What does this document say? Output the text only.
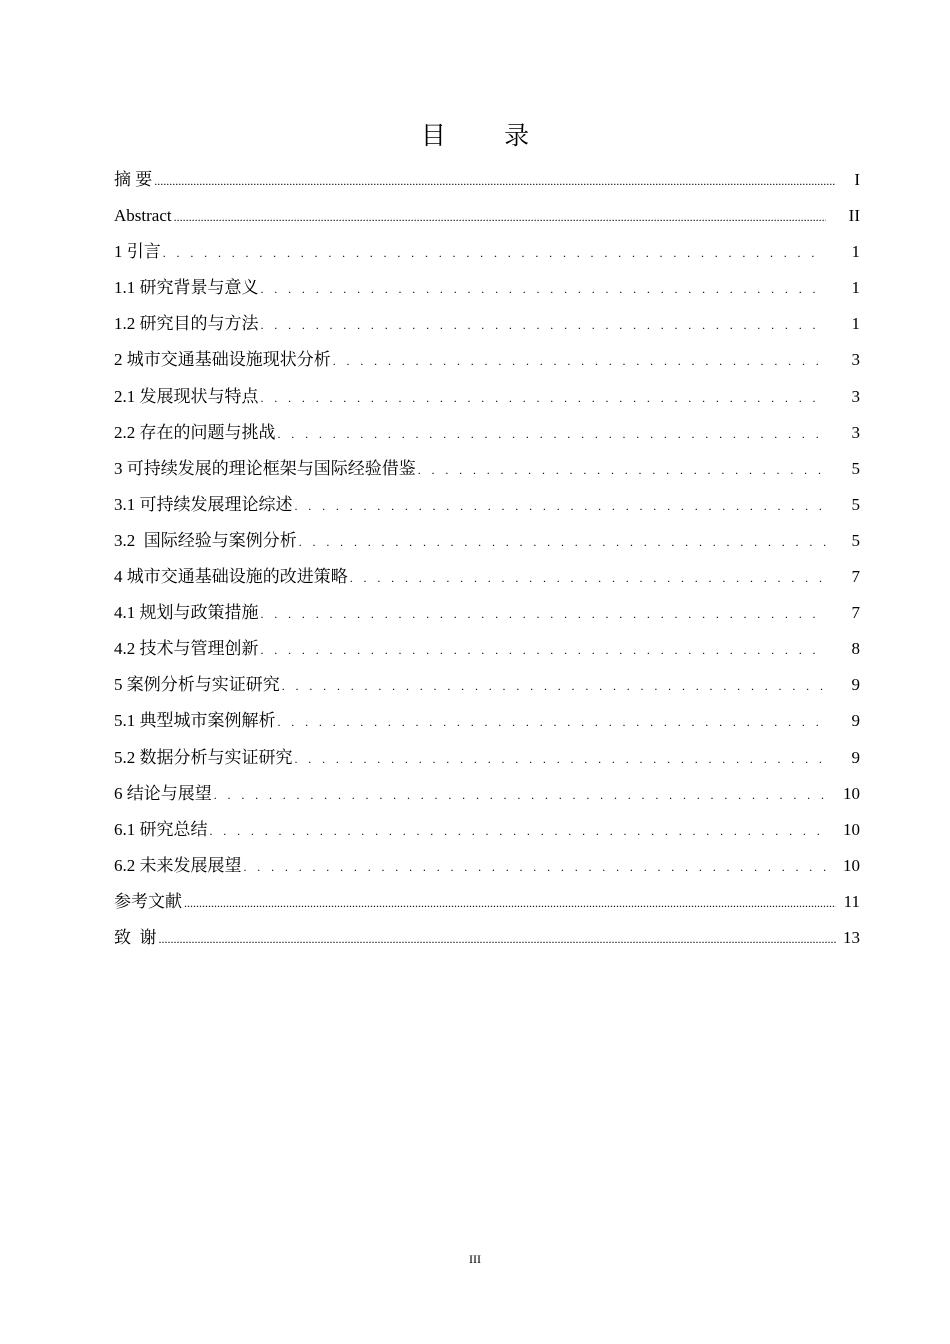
目 录
摘 要 .....	I
Abstract .....	II
1 引言 . .	1
1.1 研究背景与意义 . .	1
1.2 研究目的与方法 . .	1
2 城市交通基础设施现状分析 . .	3
2.1 发展现状与特点 . .	3
2.2 存在的问题与挑战 . .	3
3 可持续发展的理论框架与国际经验借鉴 . .	5
3.1 可持续发展理论综述 . .	5
3.2  国际经验与案例分析 . .	5
4 城市交通基础设施的改进策略 . .	7
4.1 规划与政策措施 . .	7
4.2 技术与管理创新 . .	8
5 案例分析与实证研究 . .	9
5.1 典型城市案例解析 . .	9
5.2 数据分析与实证研究 . .	9
6 结论与展望 . .	10
6.1 研究总结 . .	10
6.2 未来发展展望 . .	10
参考文献 .....	11
致  谢 .....	13
III
